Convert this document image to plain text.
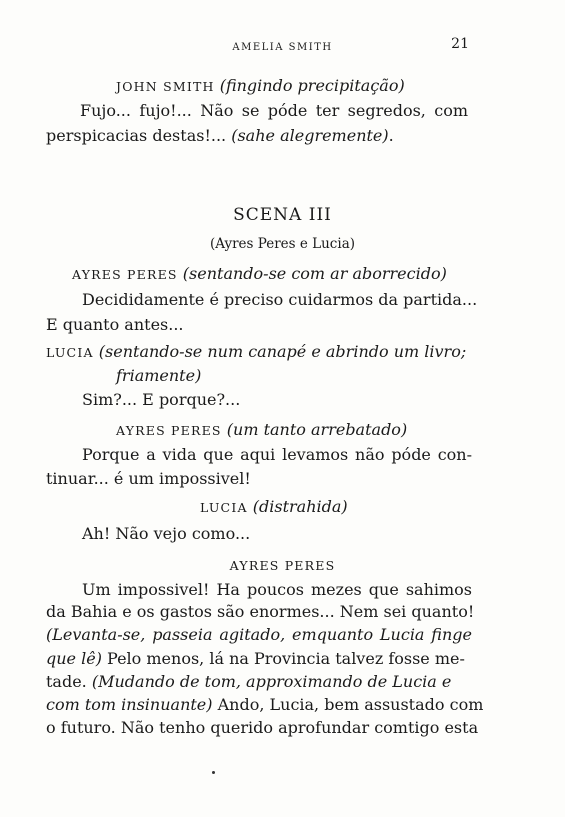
AMELIA SMITH	21
JOHN SMITH (fingindo precipitação)
Fujo... fujo!... Não se póde ter segredos, com
perspicacias destas!... (sahe alegremente).
SCENA III
(Ayres Peres e Lucia)
AYRES PERES (sentando-se com ar aborrecido)
Decididamente é preciso cuidarmos da partida...
E quanto antes...
LUCIA (sentando-se num canapé e abrindo um livro;
friamente)
Sim?... E porque?...
AYRES PERES (um tanto arrebatado)
Porque a vida que aqui levamos não póde con-
tinuar... é um impossivel!
LUCIA (distrahida)
Ah! Não vejo como...
AYRES PERES
Um impossivel! Ha poucos mezes que sahimos
da Bahia e os gastos são enormes... Nem sei quanto!
(Levanta-se, passeia agitado, emquanto Lucia finge
que lê) Pelo menos, lá na Provincia talvez fosse me-
tade. (Mudando de tom, approximando de Lucia e
com tom insinuante) Ando, Lucia, bem assustado com
o futuro. Não tenho querido aprofundar comtigo esta
